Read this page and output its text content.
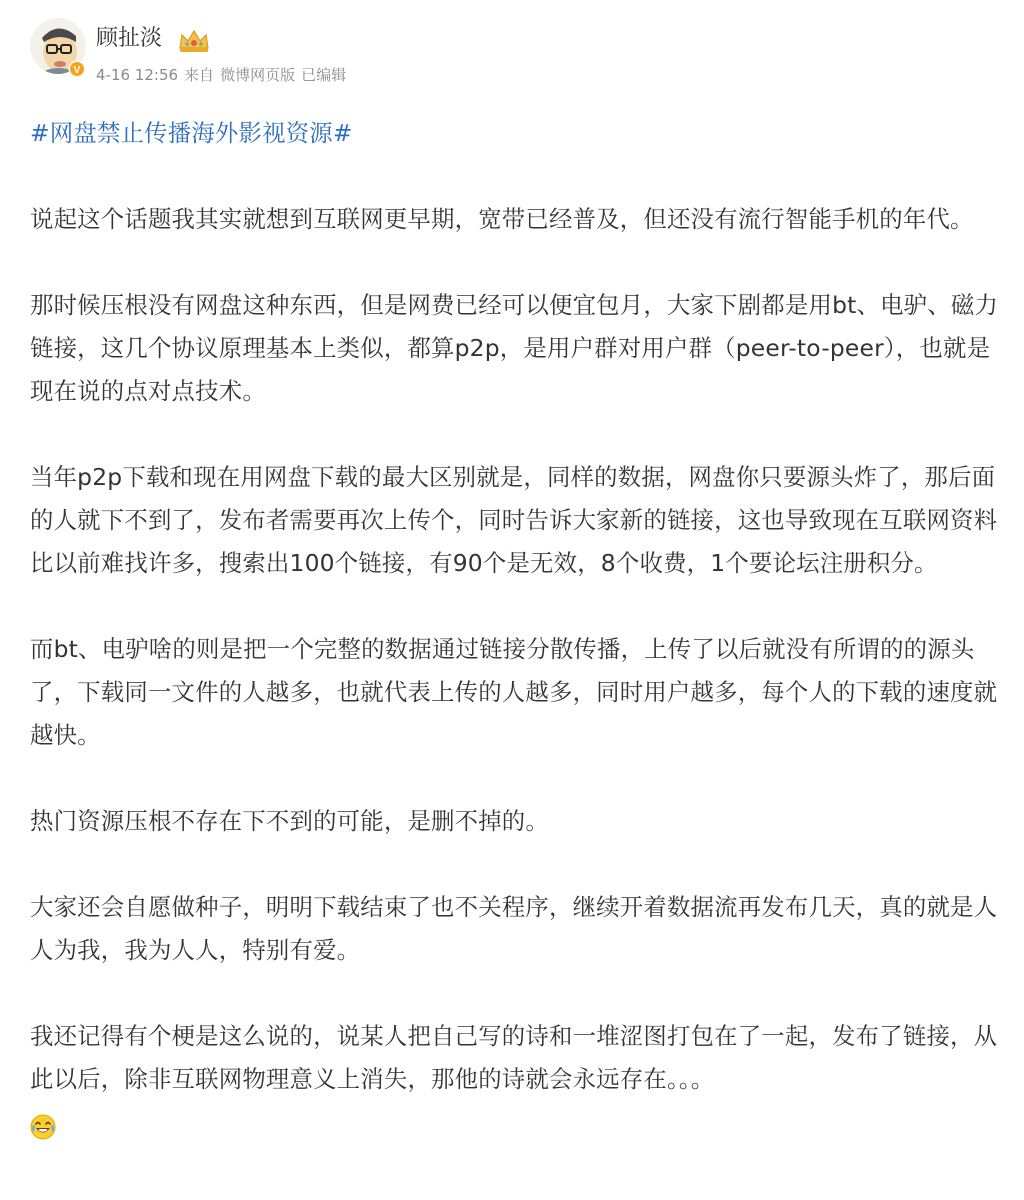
V
顾扯淡
4-16 12:56 来自 微博网页版 已编辑
#网盘禁止传播海外影视资源#

说起这个话题我其实就想到互联网更早期，宽带已经普及，但还没有流行智能手机的年代。

那时候压根没有网盘这种东西，但是网费已经可以便宜包月，大家下剧都是用bt、电驴、磁力链接，这几个协议原理基本上类似，都算p2p，是用户群对用户群（peer-to-peer），也就是现在说的点对点技术。

当年p2p下载和现在用网盘下载的最大区别就是，同样的数据，网盘你只要源头炸了，那后面的人就下不到了，发布者需要再次上传个，同时告诉大家新的链接，这也导致现在互联网资料比以前难找许多，搜索出100个链接，有90个是无效，8个收费，1个要论坛注册积分。

而bt、电驴啥的则是把一个完整的数据通过链接分散传播，上传了以后就没有所谓的的源头了，下载同一文件的人越多，也就代表上传的人越多，同时用户越多，每个人的下载的速度就越快。

热门资源压根不存在下不到的可能，是删不掉的。

大家还会自愿做种子，明明下载结束了也不关程序，继续开着数据流再发布几天，真的就是人人为我，我为人人，特别有爱。

我还记得有个梗是这么说的，说某人把自己写的诗和一堆涩图打包在了一起，发布了链接，从此以后，除非互联网物理意义上消失，那他的诗就会永远存在。。。
